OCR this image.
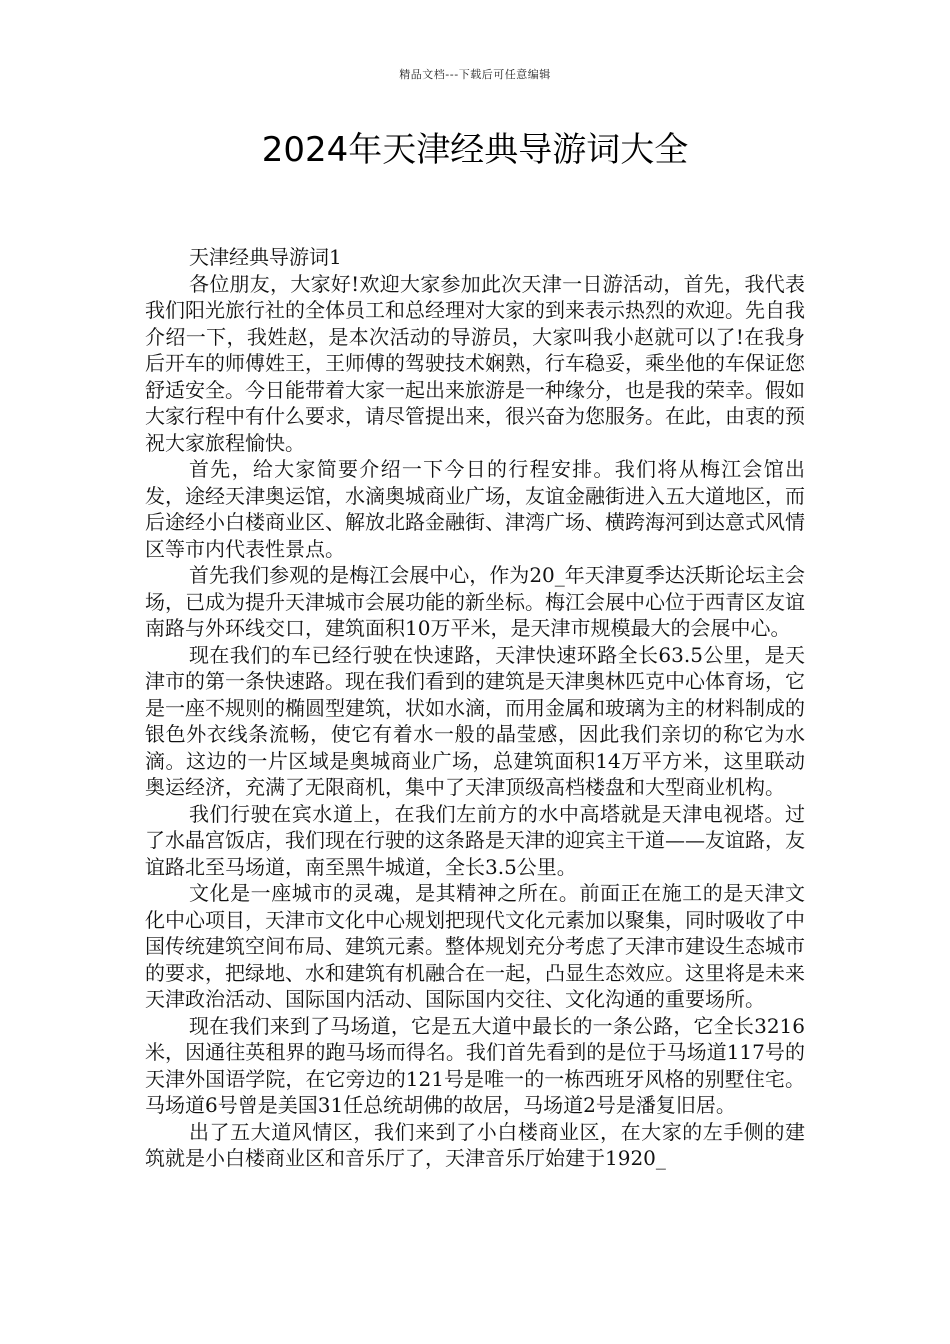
精品文档---下载后可任意编辑
2024年天津经典导游词大全

天津经典导游词1

各位朋友，大家好!欢迎大家参加此次天津一日游活动，首先，我代表我们阳光旅行社的全体员工和总经理对大家的到来表示热烈的欢迎。先自我介绍一下，我姓赵，是本次活动的导游员，大家叫我小赵就可以了!在我身后开车的师傅姓王，王师傅的驾驶技术娴熟，行车稳妥，乘坐他的车保证您舒适安全。今日能带着大家一起出来旅游是一种缘分，也是我的荣幸。假如大家行程中有什么要求，请尽管提出来，很兴奋为您服务。在此，由衷的预祝大家旅程愉快。

首先，给大家简要介绍一下今日的行程安排。我们将从梅江会馆出发，途经天津奥运馆，水滴奥城商业广场，友谊金融街进入五大道地区，而后途经小白楼商业区、解放北路金融街、津湾广场、横跨海河到达意式风情区等市内代表性景点。

首先我们参观的是梅江会展中心，作为20_年天津夏季达沃斯论坛主会场，已成为提升天津城市会展功能的新坐标。梅江会展中心位于西青区友谊南路与外环线交口，建筑面积10万平米，是天津市规模最大的会展中心。

现在我们的车已经行驶在快速路，天津快速环路全长63.5公里，是天津市的第一条快速路。现在我们看到的建筑是天津奥林匹克中心体育场，它是一座不规则的椭圆型建筑，状如水滴，而用金属和玻璃为主的材料制成的银色外衣线条流畅，使它有着水一般的晶莹感，因此我们亲切的称它为水滴。这边的一片区域是奥城商业广场，总建筑面积14万平方米，这里联动奥运经济，充满了无限商机，集中了天津顶级高档楼盘和大型商业机构。

我们行驶在宾水道上，在我们左前方的水中高塔就是天津电视塔。过了水晶宫饭店，我们现在行驶的这条路是天津的迎宾主干道——友谊路，友谊路北至马场道，南至黑牛城道，全长3.5公里。

文化是一座城市的灵魂，是其精神之所在。前面正在施工的是天津文化中心项目，天津市文化中心规划把现代文化元素加以聚集，同时吸收了中国传统建筑空间布局、建筑元素。整体规划充分考虑了天津市建设生态城市的要求，把绿地、水和建筑有机融合在一起，凸显生态效应。这里将是未来天津政治活动、国际国内活动、国际国内交往、文化沟通的重要场所。

现在我们来到了马场道，它是五大道中最长的一条公路，它全长3216米，因通往英租界的跑马场而得名。我们首先看到的是位于马场道117号的天津外国语学院，在它旁边的121号是唯一的一栋西班牙风格的别墅住宅。马场道6号曾是美国31任总统胡佛的故居，马场道2号是潘复旧居。

出了五大道风情区，我们来到了小白楼商业区，在大家的左手侧的建筑就是小白楼商业区和音乐厅了，天津音乐厅始建于1920_
